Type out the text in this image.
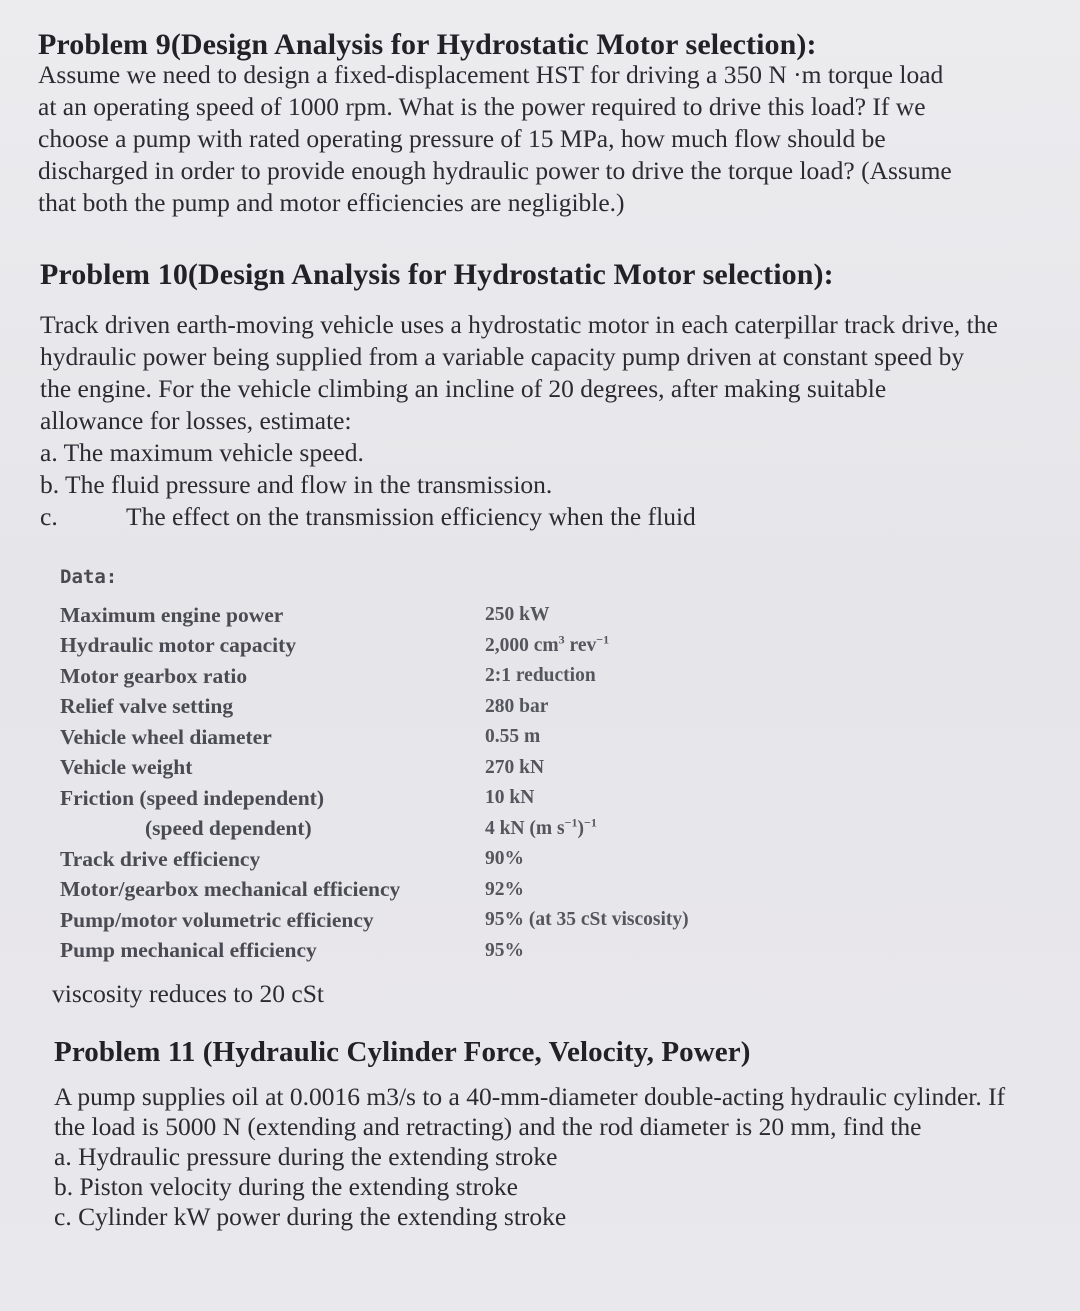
Problem 9(Design Analysis for Hydrostatic Motor selection):
Assume we need to design a fixed-displacement HST for driving a 350 N ·m torque load
at an operating speed of 1000 rpm. What is the power required to drive this load? If we
choose a pump with rated operating pressure of 15 MPa, how much flow should be
discharged in order to provide enough hydraulic power to drive the torque load? (Assume
that both the pump and motor efficiencies are negligible.)
Problem 10(Design Analysis for Hydrostatic Motor selection):
Track driven earth-moving vehicle uses a hydrostatic motor in each caterpillar track drive, the
hydraulic power being supplied from a variable capacity pump driven at constant speed by
the engine. For the vehicle climbing an incline of 20 degrees, after making suitable
allowance for losses, estimate:
a. The maximum vehicle speed.
b. The fluid pressure and flow in the transmission.
c.	The effect on the transmission efficiency when the fluid
Data:
Maximum engine power	250 kW
Hydraulic motor capacity	2,000 $cm^3$ rev$^{-1}$
Motor gearbox ratio	2:1 reduction
Relief valve setting	280 bar
Vehicle wheel diameter	0.55 m
Vehicle weight	270 kN
Friction (speed independent)	10 kN
(speed dependent)	4 kN (m $s^{-1})^{-1}$
Track drive efficiency	90%
Motor/gearbox mechanical efficiency	92%
Pump/motor volumetric efficiency	95% (at 35 cSt viscosity)
Pump mechanical efficiency	95%
viscosity reduces to 20 cSt
Problem 11 (Hydraulic Cylinder Force, Velocity, Power)
A pump supplies oil at 0.0016 m3/s to a 40-mm-diameter double-acting hydraulic cylinder. If
the load is 5000 N (extending and retracting) and the rod diameter is 20 mm, find the
a. Hydraulic pressure during the extending stroke
b. Piston velocity during the extending stroke
c. Cylinder kW power during the extending stroke
